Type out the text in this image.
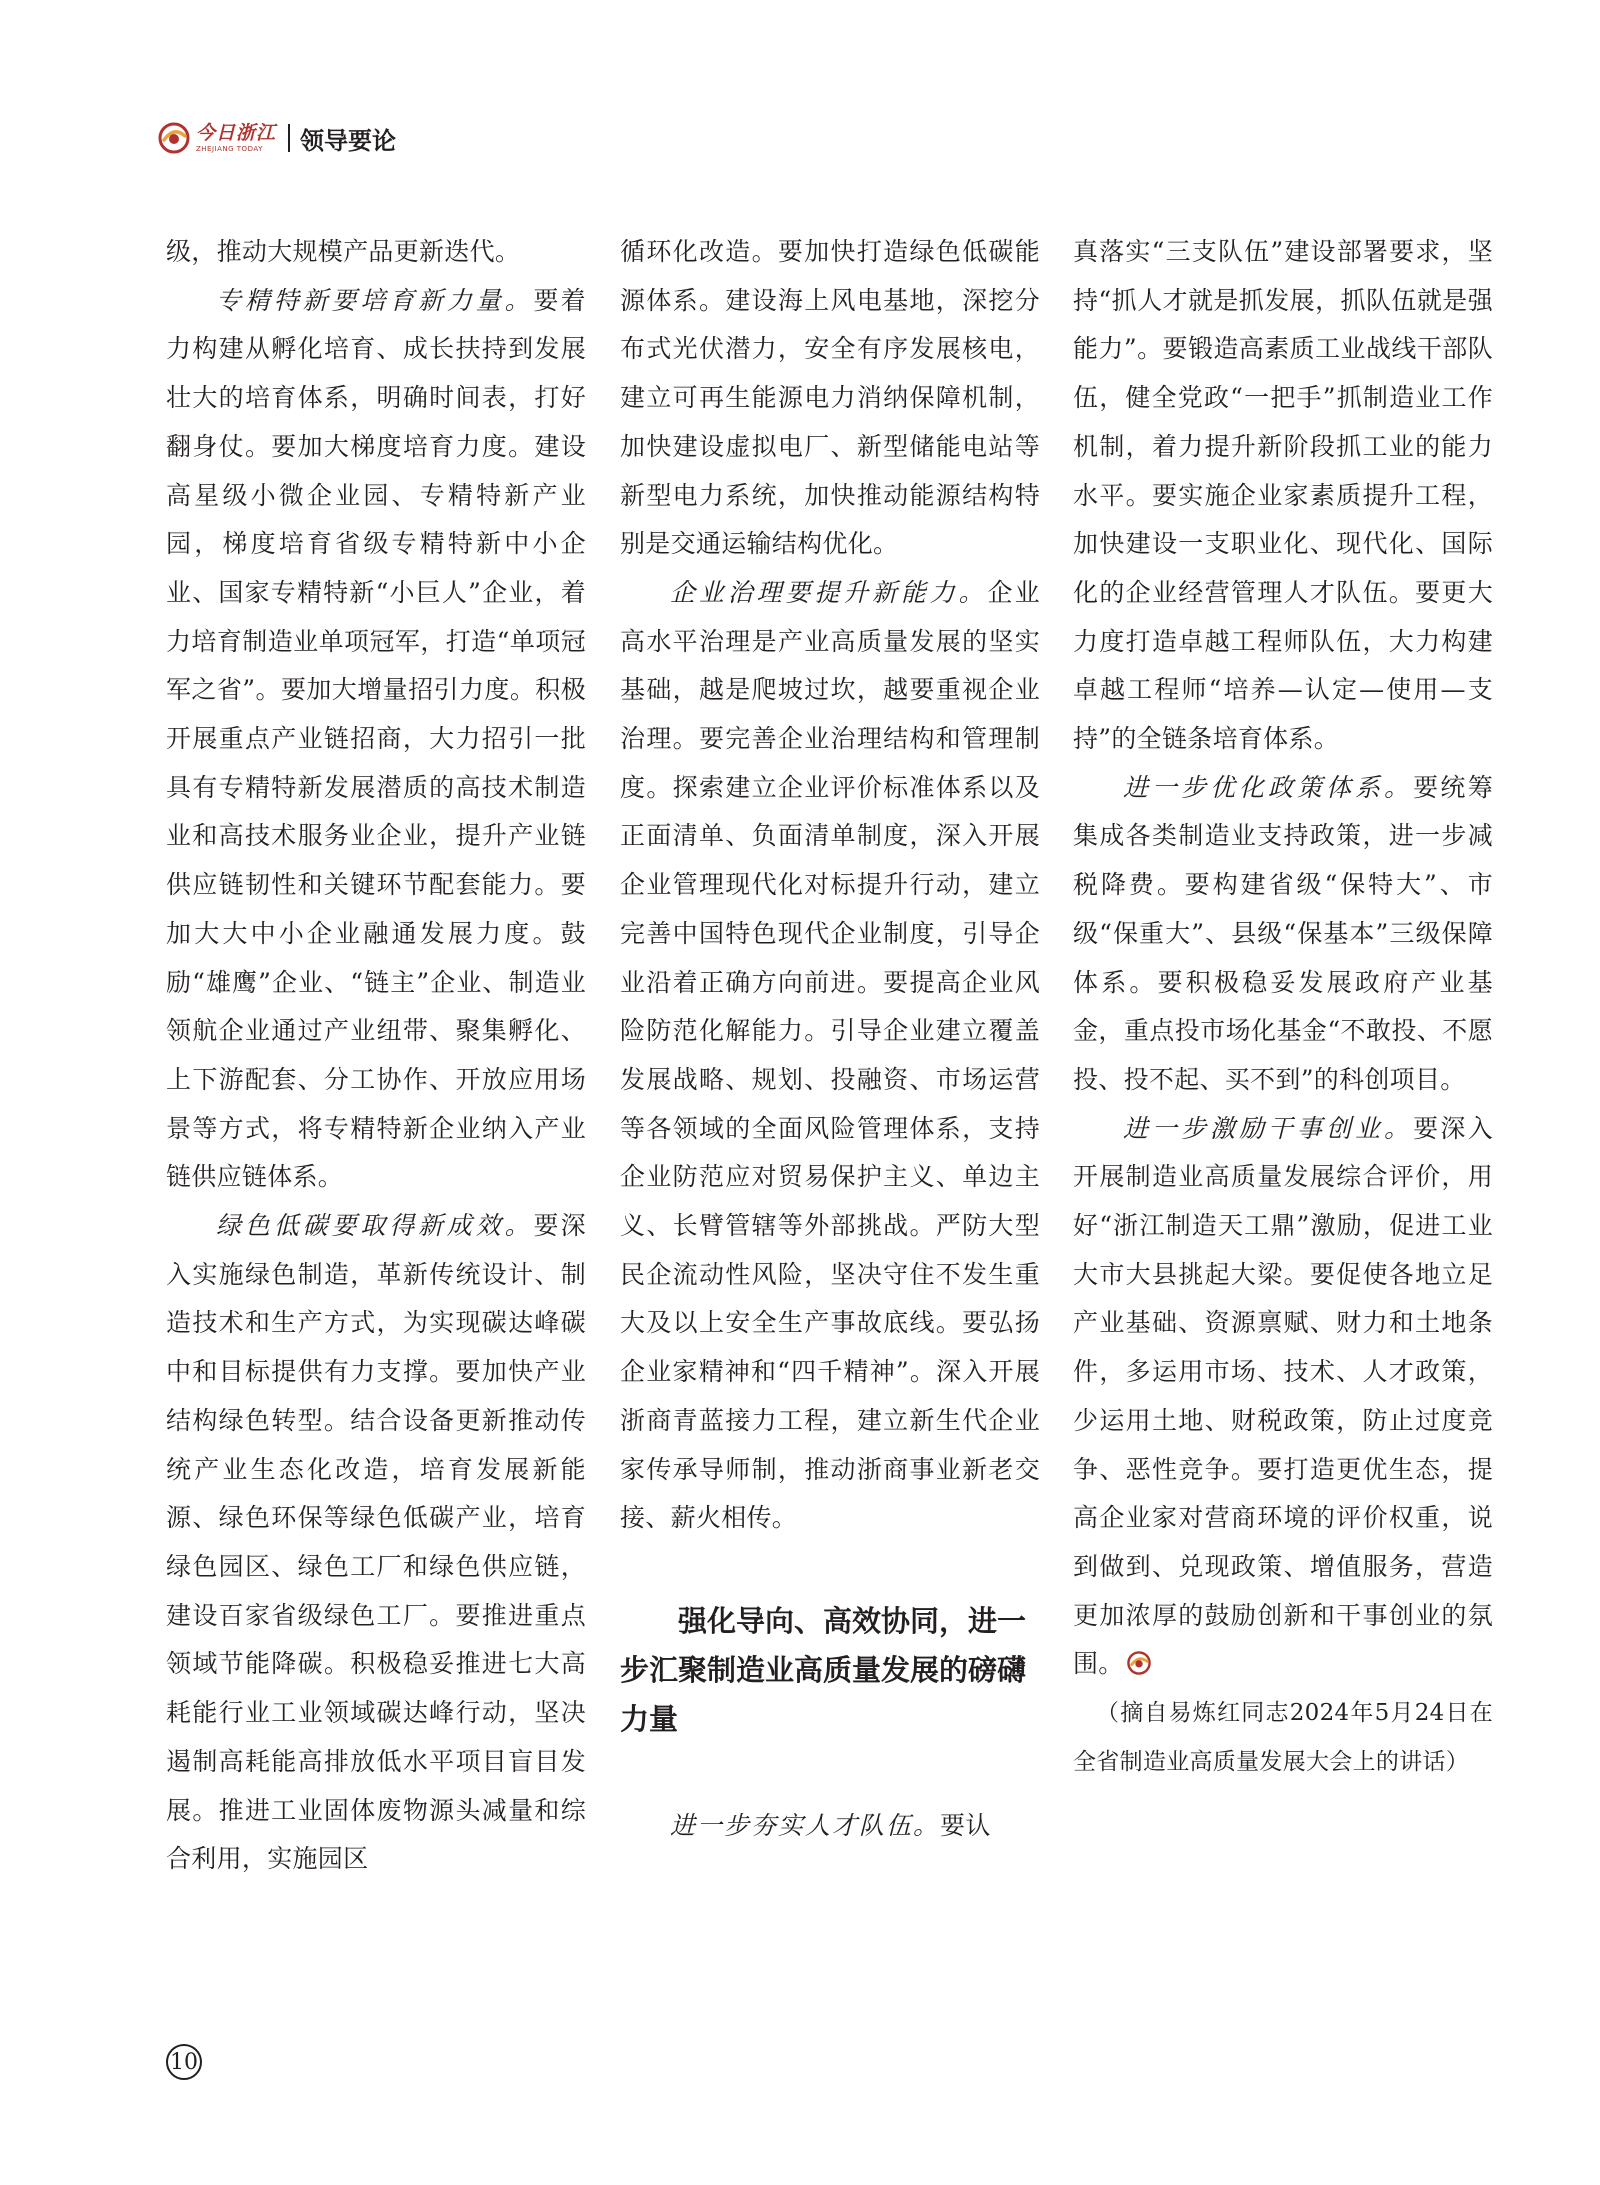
今日浙江
ZHEJIANG TODAY	领导要论

级，推动大规模产品更新迭代。

专精特新要培育新力量。要着力构建从孵化培育、成长扶持到发展壮大的培育体系，明确时间表，打好翻身仗。要加大梯度培育力度。建设高星级小微企业园、专精特新产业园，梯度培育省级专精特新中小企业、国家专精特新“小巨人”企业，着力培育制造业单项冠军，打造“单项冠军之省”。要加大增量招引力度。积极开展重点产业链招商，大力招引一批具有专精特新发展潜质的高技术制造业和高技术服务业企业，提升产业链供应链韧性和关键环节配套能力。要加大大中小企业融通发展力度。鼓励“雄鹰”企业、“链主”企业、制造业领航企业通过产业纽带、聚集孵化、上下游配套、分工协作、开放应用场景等方式，将专精特新企业纳入产业链供应链体系。

绿色低碳要取得新成效。要深入实施绿色制造，革新传统设计、制造技术和生产方式，为实现碳达峰碳中和目标提供有力支撑。要加快产业结构绿色转型。结合设备更新推动传统产业生态化改造，培育发展新能源、绿色环保等绿色低碳产业，培育绿色园区、绿色工厂和绿色供应链，建设百家省级绿色工厂。要推进重点领域节能降碳。积极稳妥推进七大高耗能行业工业领域碳达峰行动，坚决遏制高耗能高排放低水平项目盲目发展。推进工业固体废物源头减量和综合利用，实施园区

循环化改造。要加快打造绿色低碳能源体系。建设海上风电基地，深挖分布式光伏潜力，安全有序发展核电，建立可再生能源电力消纳保障机制，加快建设虚拟电厂、新型储能电站等新型电力系统，加快推动能源结构特别是交通运输结构优化。

企业治理要提升新能力。企业高水平治理是产业高质量发展的坚实基础，越是爬坡过坎，越要重视企业治理。要完善企业治理结构和管理制度。探索建立企业评价标准体系以及正面清单、负面清单制度，深入开展企业管理现代化对标提升行动，建立完善中国特色现代企业制度，引导企业沿着正确方向前进。要提高企业风险防范化解能力。引导企业建立覆盖发展战略、规划、投融资、市场运营等各领域的全面风险管理体系，支持企业防范应对贸易保护主义、单边主义、长臂管辖等外部挑战。严防大型民企流动性风险，坚决守住不发生重大及以上安全生产事故底线。要弘扬企业家精神和“四千精神”。深入开展浙商青蓝接力工程，建立新生代企业家传承导师制，推动浙商事业新老交接、薪火相传。

强化导向、高效协同，进一步汇聚制造业高质量发展的磅礴力量

进一步夯实人才队伍。要认

真落实“三支队伍”建设部署要求，坚持“抓人才就是抓发展，抓队伍就是强能力”。要锻造高素质工业战线干部队伍，健全党政“一把手”抓制造业工作机制，着力提升新阶段抓工业的能力水平。要实施企业家素质提升工程，加快建设一支职业化、现代化、国际化的企业经营管理人才队伍。要更大力度打造卓越工程师队伍，大力构建卓越工程师“培养—认定—使用—支持”的全链条培育体系。

进一步优化政策体系。要统筹集成各类制造业支持政策，进一步减税降费。要构建省级“保特大”、市级“保重大”、县级“保基本”三级保障体系。要积极稳妥发展政府产业基金，重点投市场化基金“不敢投、不愿投、投不起、买不到”的科创项目。

进一步激励干事创业。要深入开展制造业高质量发展综合评价，用好“浙江制造天工鼎”激励，促进工业大市大县挑起大梁。要促使各地立足产业基础、资源禀赋、财力和土地条件，多运用市场、技术、人才政策，少运用土地、财税政策，防止过度竞争、恶性竞争。要打造更优生态，提高企业家对营商环境的评价权重，说到做到、兑现政策、增值服务，营造更加浓厚的鼓励创新和干事创业的氛围。

（摘自易炼红同志2024年5月24日在全省制造业高质量发展大会上的讲话）

10
